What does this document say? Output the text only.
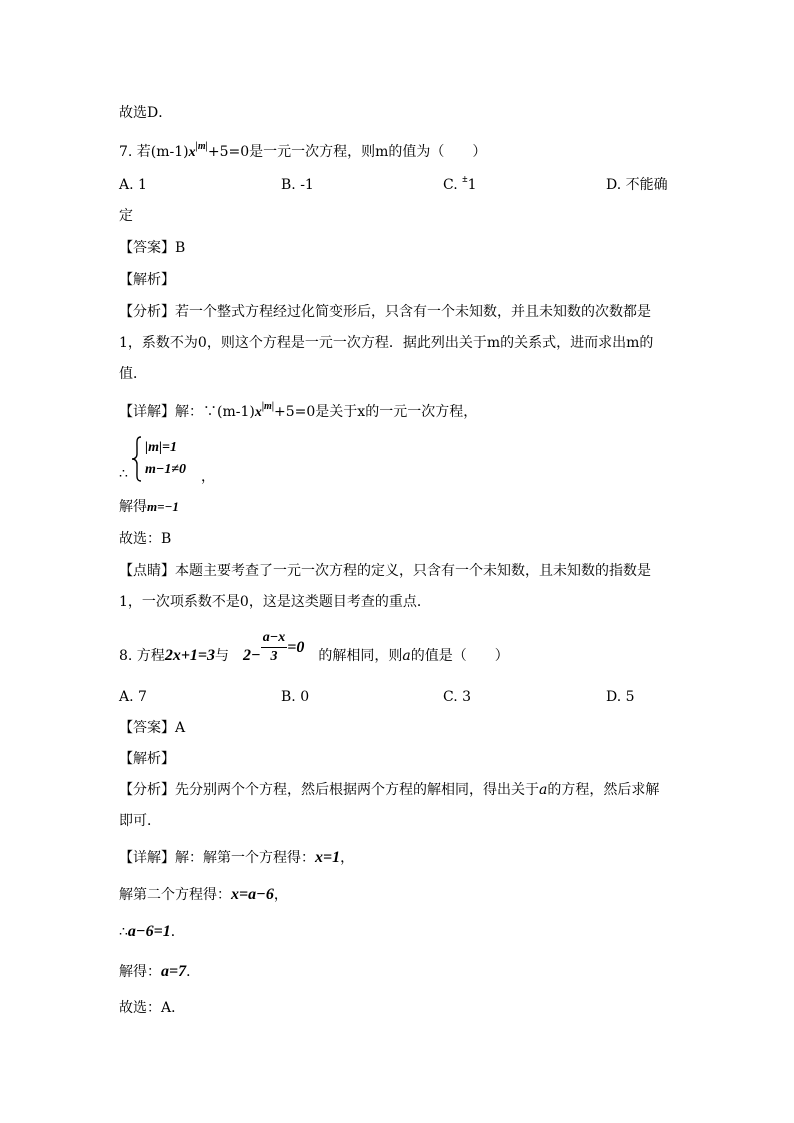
故选D．
7. 若$(m-1)x^{|m|}+5=0$是一元一次方程，则m的值为（　　）
A. 1	B. -1	C. ±1	D. 不能确
定
【答案】B
【解析】
【分析】若一个整式方程经过化简变形后，只含有一个未知数，并且未知数的次数都是
1，系数不为0，则这个方程是一元一次方程．据此列出关于m的关系式，进而求出m的
值．
【详解】解：$\because(m-1)x^{|m|}+5=0$是关于x的一元一次方程，
∴
|m|=1
m−1≠0 ，
解得m=−1
故选：B
【点睛】本题主要考查了一元一次方程的定义，只含有一个未知数，且未知数的指数是
1，一次项系数不是0，这是这类题目考查的重点．
8. 方程2x+1=3与 $2- \frac{a-x}{3} =0$ 的解相同，则a的值是（　　）
A. 7	B. 0	C. 3	D. 5
【答案】A
【解析】
【分析】先分别两个个方程，然后根据两个方程的解相同，得出关于a的方程，然后求解
即可．
【详解】解：解第一个方程得：x=1，
解第二个方程得：x=a−6，
∴a−6=1．
解得：a=7．
故选：A．
